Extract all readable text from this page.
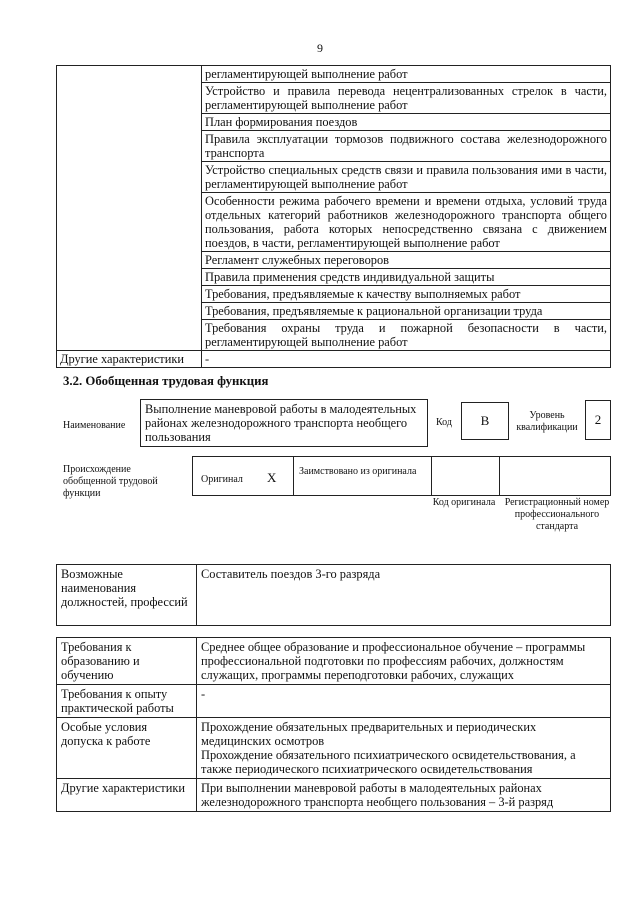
9
	регламентирующей выполнение работ
	Устройство и правила перевода нецентрализованных стрелок в части, регламентирующей выполнение работ
	План формирования поездов
	Правила эксплуатации тормозов подвижного состава железнодорожного транспорта
	Устройство специальных средств связи и правила пользования ими в части, регламентирующей выполнение работ
	Особенности режима рабочего времени и времени отдыха, условий труда отдельных категорий работников железнодорожного транспорта общего пользования, работа которых непосредственно связана с движением поездов, в части, регламентирующей выполнение работ
	Регламент служебных переговоров
	Правила применения средств индивидуальной защиты
	Требования, предъявляемые к качеству выполняемых работ
	Требования, предъявляемые к рациональной организации труда
	Требования охраны труда и пожарной безопасности в части, регламентирующей выполнение работ
Другие характеристики	-
3.2. Обобщенная трудовая функция
Наименование
Выполнение маневровой работы в малодеятельных районах железнодорожного транспорта необщего пользования
Код	B	Уровень квалификации
2
Происхождение обобщенной трудовой функции
Оригинал X Заимствовано из оригинала
Код оригинала Регистрационный номер профессионального стандарта
Возможные наименования должностей, профессий	Составитель поездов 3-го разряда
Требования к образованию и обучению	Среднее общее образование и профессиональное обучение – программы профессиональной подготовки по профессиям рабочих, должностям служащих, программы переподготовки рабочих, служащих
Требования к опыту практической работы	-
Особые условия допуска к работе	Прохождение обязательных предварительных и периодических медицинских осмотров
Прохождение обязательного психиатрического освидетельствования, а также периодического психиатрического освидетельствования

Другие характеристики	При выполнении маневровой работы в малодеятельных районах железнодорожного транспорта необщего пользования – 3-й разряд
